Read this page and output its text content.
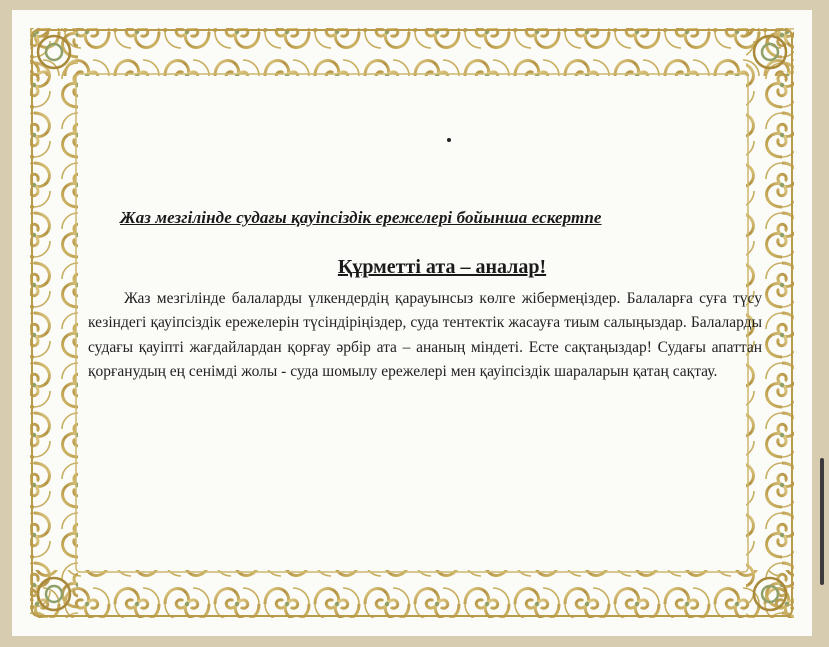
Жаз мезгілінде судағы қауіпсіздік ережелері бойынша ескертпе
Құрметті ата – аналар!
Жаз мезгілінде балаларды үлкендердің қарауынсыз көлге жібермеңіздер. Балаларға суға түсу кезіндегі қауіпсіздік ережелерін түсіндіріңіздер, суда тентектік жасауға тиым салыңыздар. Балаларды судағы қауіпті жағдайлардан қорғау әрбір ата – ананың міндеті. Есте сақтаңыздар! Судағы апаттан қорғанудың ең сенімді жолы - суда шомылу ережелері мен қауіпсіздік шараларын қатаң сақтау.
